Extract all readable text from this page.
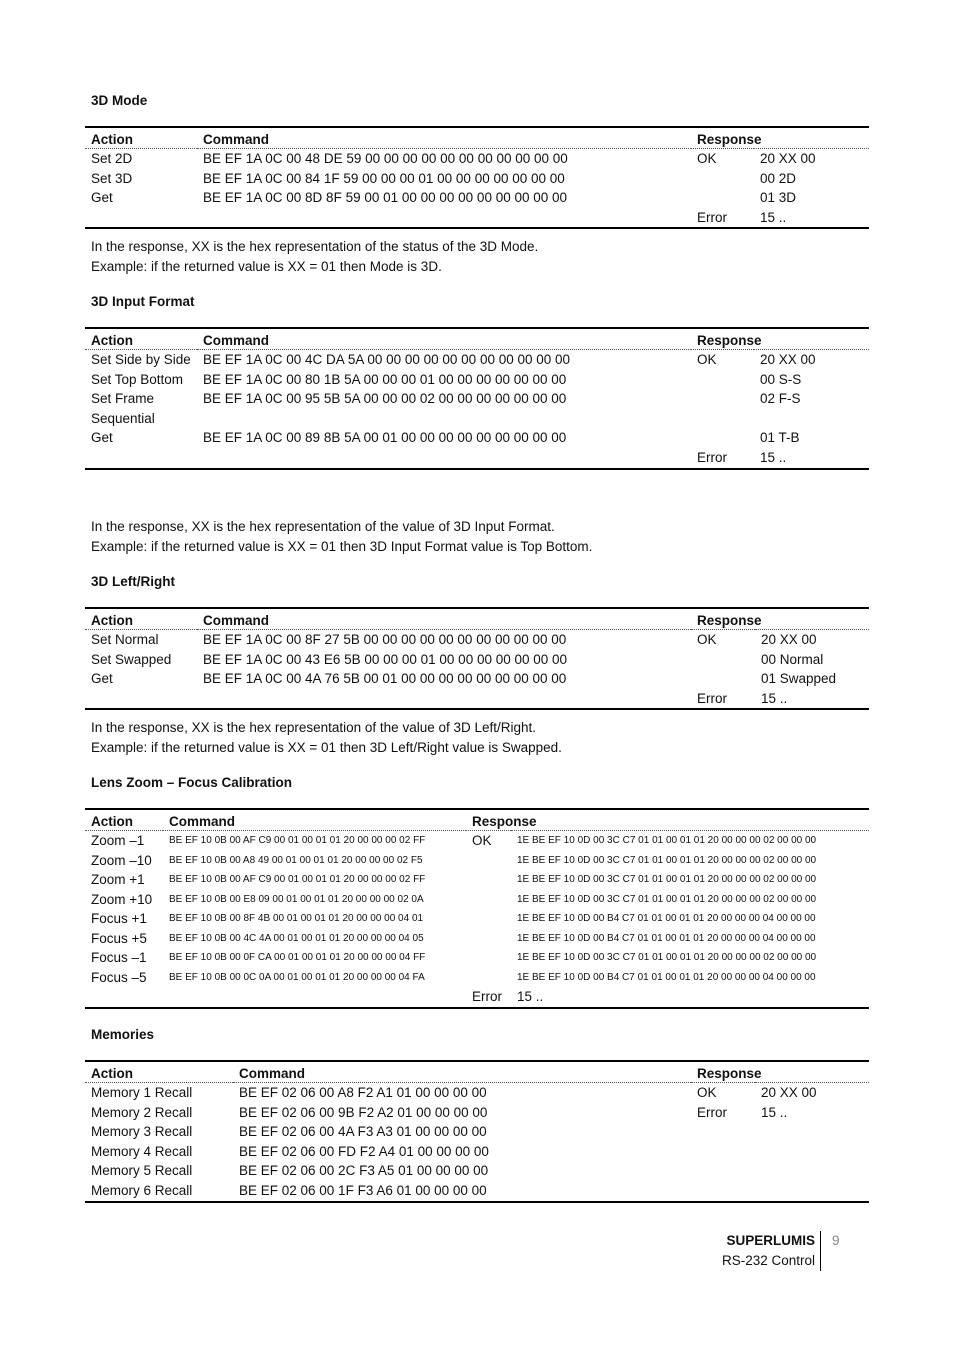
3D Mode
Action	Command	Response	
Set 2D	BE EF 1A 0C 00 48 DE 59 00 00 00 00 00 00 00 00 00 00 00	OK	20 XX 00
Set 3D	BE EF 1A 0C 00 84 1F 59 00 00 00 01 00 00 00 00 00 00 00		00 2D
Get	BE EF 1A 0C 00 8D 8F 59 00 01 00 00 00 00 00 00 00 00 00		01 3D
		Error	15 ..
In the response, XX is the hex representation of the status of the 3D Mode.
Example: if the returned value is XX = 01 then Mode is 3D.
3D Input Format
Action	Command	Response	
Set Side by Side	BE EF 1A 0C 00 4C DA 5A 00 00 00 00 00 00 00 00 00 00 00	OK	20 XX 00
Set Top Bottom	BE EF 1A 0C 00 80 1B 5A 00 00 00 01 00 00 00 00 00 00 00		00 S-S
Set Frame Sequential	BE EF 1A 0C 00 95 5B 5A 00 00 00 02 00 00 00 00 00 00 00		02 F-S
Get	BE EF 1A 0C 00 89 8B 5A 00 01 00 00 00 00 00 00 00 00 00		01 T-B
		Error	15 ..
In the response, XX is the hex representation of the value of 3D Input Format.
Example: if the returned value is XX = 01 then 3D Input Format value is Top Bottom.
3D Left/Right
Action	Command	Response	
Set Normal	BE EF 1A 0C 00 8F 27 5B 00 00 00 00 00 00 00 00 00 00 00	OK	20 XX 00
Set Swapped	BE EF 1A 0C 00 43 E6 5B 00 00 00 01 00 00 00 00 00 00 00		00 Normal
Get	BE EF 1A 0C 00 4A 76 5B 00 01 00 00 00 00 00 00 00 00 00		01 Swapped
		Error	15 ..
In the response, XX is the hex representation of the value of 3D Left/Right.
Example: if the returned value is XX = 01 then 3D Left/Right value is Swapped.
Lens Zoom – Focus Calibration
Action	Command	Response	
Zoom –1	BE EF 10 0B 00 AF C9 00 01 00 01 01 20 00 00 00 02 FF	OK	1E BE EF 10 0D 00 3C C7 01 01 00 01 01 20 00 00 00 02 00 00 00
Zoom –10	BE EF 10 0B 00 A8 49 00 01 00 01 01 20 00 00 00 02 F5		1E BE EF 10 0D 00 3C C7 01 01 00 01 01 20 00 00 00 02 00 00 00
Zoom +1	BE EF 10 0B 00 AF C9 00 01 00 01 01 20 00 00 00 02 FF		1E BE EF 10 0D 00 3C C7 01 01 00 01 01 20 00 00 00 02 00 00 00
Zoom +10	BE EF 10 0B 00 E8 09 00 01 00 01 01 20 00 00 00 02 0A		1E BE EF 10 0D 00 3C C7 01 01 00 01 01 20 00 00 00 02 00 00 00
Focus +1	BE EF 10 0B 00 8F 4B 00 01 00 01 01 20 00 00 00 04 01		1E BE EF 10 0D 00 B4 C7 01 01 00 01 01 20 00 00 00 04 00 00 00
Focus +5	BE EF 10 0B 00 4C 4A 00 01 00 01 01 20 00 00 00 04 05		1E BE EF 10 0D 00 B4 C7 01 01 00 01 01 20 00 00 00 04 00 00 00
Focus –1	BE EF 10 0B 00 0F CA 00 01 00 01 01 20 00 00 00 04 FF		1E BE EF 10 0D 00 3C C7 01 01 00 01 01 20 00 00 00 02 00 00 00
Focus –5	BE EF 10 0B 00 0C 0A 00 01 00 01 01 20 00 00 00 04 FA		1E BE EF 10 0D 00 B4 C7 01 01 00 01 01 20 00 00 00 04 00 00 00
		Error	15 ..
Memories
Action	Command	Response	
Memory 1 Recall	BE EF 02 06 00 A8 F2 A1 01 00 00 00 00	OK	20 XX 00
Memory 2 Recall	BE EF 02 06 00 9B F2 A2 01 00 00 00 00	Error	15 ..
Memory 3 Recall	BE EF 02 06 00 4A F3 A3 01 00 00 00 00		
Memory 4 Recall	BE EF 02 06 00 FD F2 A4 01 00 00 00 00		
Memory 5 Recall	BE EF 02 06 00 2C F3 A5 01 00 00 00 00		
Memory 6 Recall	BE EF 02 06 00 1F F3 A6 01 00 00 00 00		
SUPERLUMIS
RS-232 Control
9
